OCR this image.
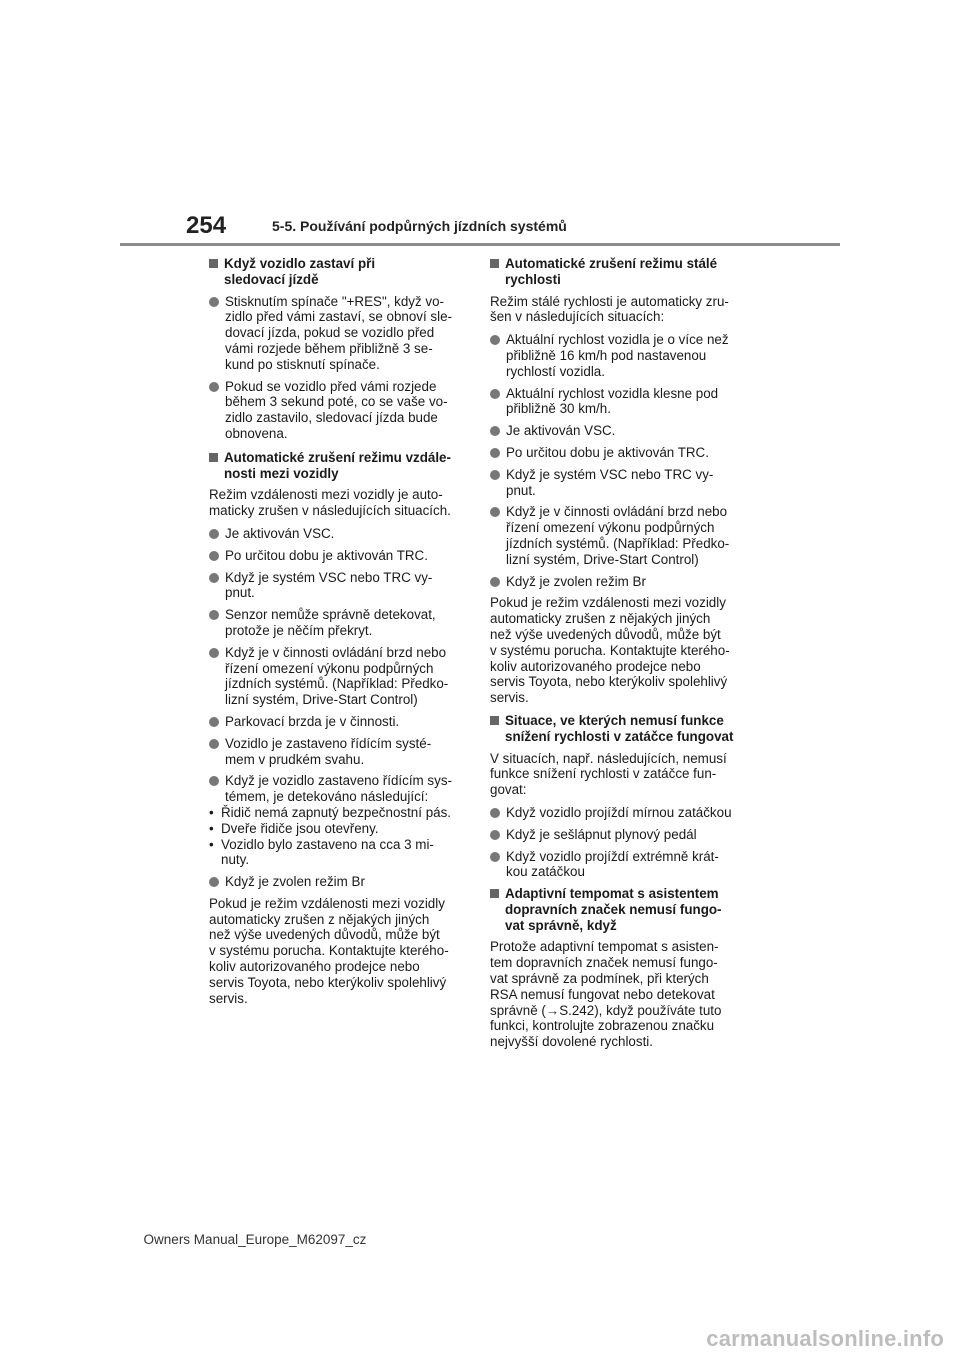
254	5-5. Používání podpůrných jízdních systémů
Když vozidlo zastaví při sledovací jízdě
Stisknutím spínače "+RES", když vo-
zidlo před vámi zastaví, se obnoví sle-
dovací jízda, pokud se vozidlo před
vámi rozjede během přibližně 3 se-
kund po stisknutí spínače.
Pokud se vozidlo před vámi rozjede
během 3 sekund poté, co se vaše vo-
zidlo zastavilo, sledovací jízda bude
obnovena.
Automatické zrušení režimu vzdále-
nosti mezi vozidly
Režim vzdálenosti mezi vozidly je auto-
maticky zrušen v následujících situacích.
Je aktivován VSC.
Po určitou dobu je aktivován TRC.
Když je systém VSC nebo TRC vy-
pnut.
Senzor nemůže správně detekovat,
protože je něčím překryt.
Když je v činnosti ovládání brzd nebo
řízení omezení výkonu podpůrných
jízdních systémů. (Například: Předko-
lizní systém, Drive-Start Control)
Parkovací brzda je v činnosti.
Vozidlo je zastaveno řídícím systé-
mem v prudkém svahu.
Když je vozidlo zastaveno řídícím sys-
témem, je detekováno následující:
• Řidič nemá zapnutý bezpečnostní pás.
• Dveře řidiče jsou otevřeny.
• Vozidlo bylo zastaveno na cca 3 mi-
nuty.
Když je zvolen režim Br
Pokud je režim vzdálenosti mezi vozidly
automaticky zrušen z nějakých jiných
než výše uvedených důvodů, může být
v systému porucha. Kontaktujte kterého-
koliv autorizovaného prodejce nebo
servis Toyota, nebo kterýkoliv spolehlivý
servis.
Automatické zrušení režimu stálé
rychlosti
Režim stálé rychlosti je automaticky zru-
šen v následujících situacích:
Aktuální rychlost vozidla je o více než
přibližně 16 km/h pod nastavenou
rychlostí vozidla.
Aktuální rychlost vozidla klesne pod
přibližně 30 km/h.
Je aktivován VSC.
Po určitou dobu je aktivován TRC.
Když je systém VSC nebo TRC vy-
pnut.
Když je v činnosti ovládání brzd nebo
řízení omezení výkonu podpůrných
jízdních systémů. (Například: Předko-
lizní systém, Drive-Start Control)
Když je zvolen režim Br
Pokud je režim vzdálenosti mezi vozidly
automaticky zrušen z nějakých jiných
než výše uvedených důvodů, může být
v systému porucha. Kontaktujte kterého-
koliv autorizovaného prodejce nebo
servis Toyota, nebo kterýkoliv spolehlivý
servis.
Situace, ve kterých nemusí funkce
snížení rychlosti v zatáčce fungovat
V situacích, např. následujících, nemusí
funkce snížení rychlosti v zatáčce fun-
govat:
Když vozidlo projíždí mírnou zatáčkou
Když je sešlápnut plynový pedál
Když vozidlo projíždí extrémně krát-
kou zatáčkou
Adaptivní tempomat s asistentem
dopravních značek nemusí fungo-
vat správně, když
Protože adaptivní tempomat s asisten-
tem dopravních značek nemusí fungo-
vat správně za podmínek, při kterých
RSA nemusí fungovat nebo detekovat
správně (→S.242), když používáte tuto
funkci, kontrolujte zobrazenou značku
nejvyšší dovolené rychlosti.
Owners Manual_Europe_M62097_cz
carmanualsonline.info
